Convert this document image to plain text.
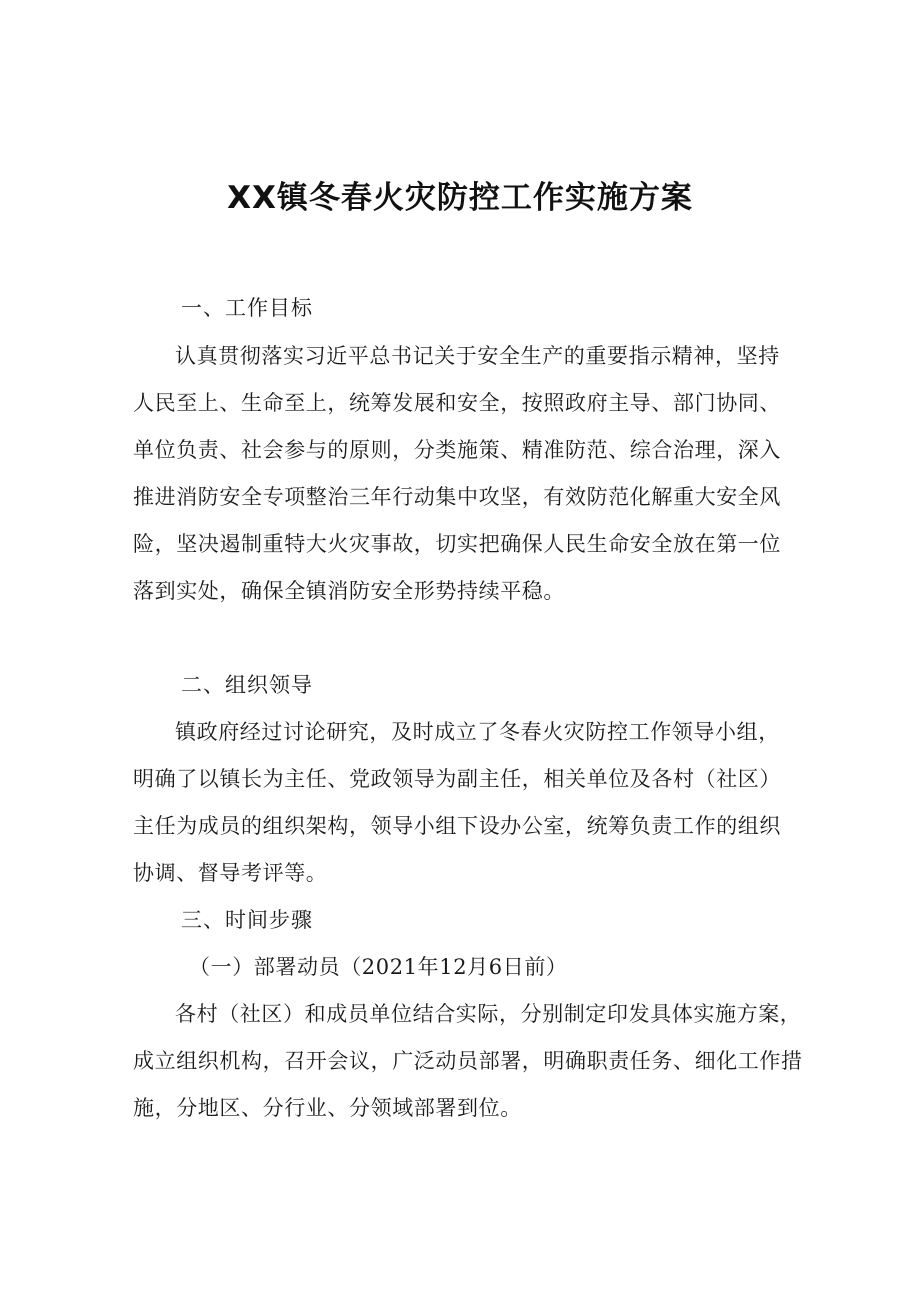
XX镇冬春火灾防控工作实施方案

一、工作目标

认真贯彻落实习近平总书记关于安全生产的重要指示精神，坚持人民至上、生命至上，统筹发展和安全，按照政府主导、部门协同、单位负责、社会参与的原则，分类施策、精准防范、综合治理，深入推进消防安全专项整治三年行动集中攻坚，有效防范化解重大安全风险，坚决遏制重特大火灾事故，切实把确保人民生命安全放在第一位落到实处，确保全镇消防安全形势持续平稳。

二、组织领导

镇政府经过讨论研究，及时成立了冬春火灾防控工作领导小组，明确了以镇长为主任、党政领导为副主任，相关单位及各村（社区）主任为成员的组织架构，领导小组下设办公室，统筹负责工作的组织协调、督导考评等。

三、时间步骤

（一）部署动员（2021年12月6日前）

各村（社区）和成员单位结合实际，分别制定印发具体实施方案，成立组织机构，召开会议，广泛动员部署，明确职责任务、细化工作措施，分地区、分行业、分领域部署到位。
